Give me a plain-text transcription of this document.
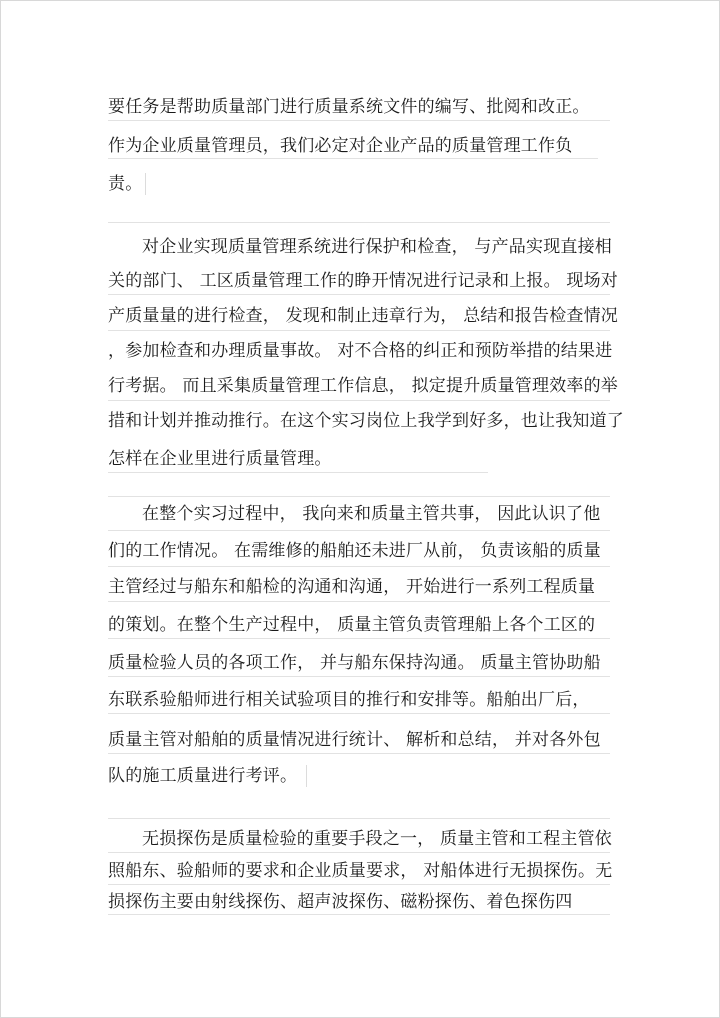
要任务是帮助质量部门进行质量系统文件的编写、批阅和改正。
作为企业质量管理员，我们必定对企业产品的质量管理工作负
责。
对企业实现质量管理系统进行保护和检查， 与产品实现直接相
关的部门、 工区质量管理工作的睁开情况进行记录和上报。 现场对
产质量量的进行检查， 发现和制止违章行为， 总结和报告检查情况
，参加检查和办理质量事故。 对不合格的纠正和预防举措的结果进
行考据。 而且采集质量管理工作信息， 拟定提升质量管理效率的举
措和计划并推动推行。在这个实习岗位上我学到好多，也让我知道了
怎样在企业里进行质量管理。
在整个实习过程中， 我向来和质量主管共事， 因此认识了他
们的工作情况。 在需维修的船舶还未进厂从前， 负责该船的质量
主管经过与船东和船检的沟通和沟通， 开始进行一系列工程质量
的策划。在整个生产过程中， 质量主管负责管理船上各个工区的
质量检验人员的各项工作， 并与船东保持沟通。 质量主管协助船
东联系验船师进行相关试验项目的推行和安排等。船舶出厂后，
质量主管对船舶的质量情况进行统计、 解析和总结， 并对各外包
队的施工质量进行考评。
无损探伤是质量检验的重要手段之一， 质量主管和工程主管依
照船东、验船师的要求和企业质量要求， 对船体进行无损探伤。无
损探伤主要由射线探伤、超声波探伤、磁粉探伤、着色探伤四
